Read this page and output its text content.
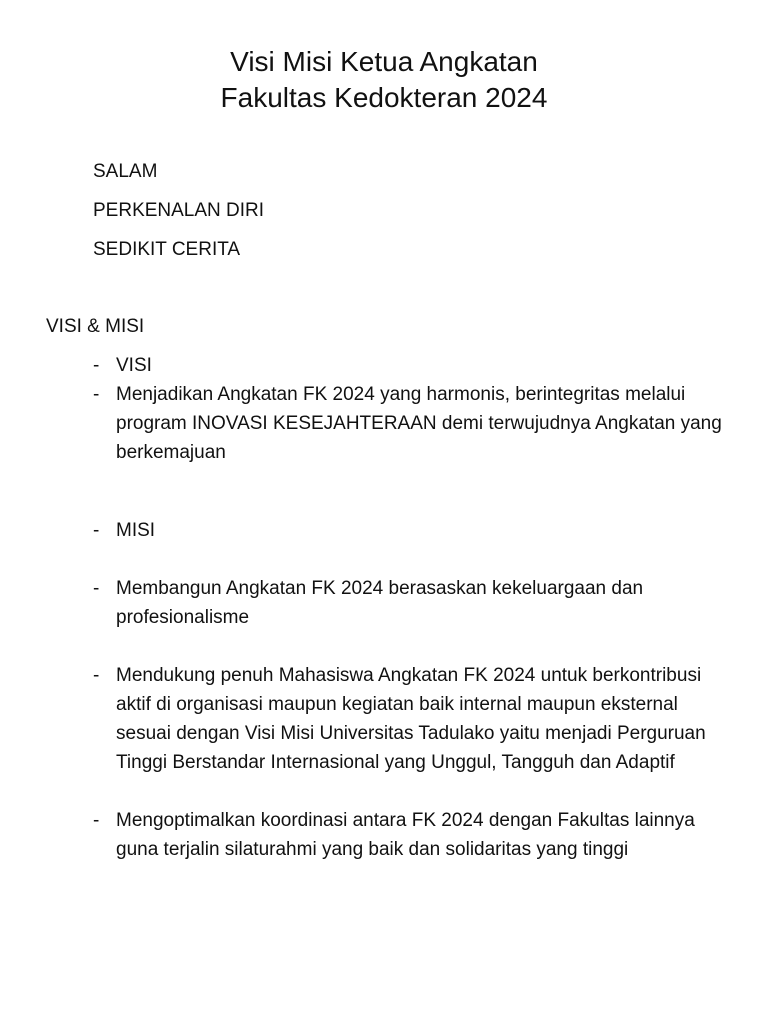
Visi Misi Ketua Angkatan
Fakultas Kedokteran 2024
SALAM
PERKENALAN DIRI
SEDIKIT CERITA
VISI & MISI
- VISI
- Menjadikan Angkatan FK 2024 yang harmonis, berintegritas melalui program INOVASI KESEJAHTERAAN demi terwujudnya Angkatan yang berkemajuan
- MISI
- Membangun Angkatan FK 2024 berasaskan kekeluargaan dan profesionalisme
- Mendukung penuh Mahasiswa Angkatan FK 2024 untuk berkontribusi aktif di organisasi maupun kegiatan baik internal maupun eksternal sesuai dengan Visi Misi Universitas Tadulako yaitu menjadi Perguruan Tinggi Berstandar Internasional yang Unggul, Tangguh dan Adaptif
- Mengoptimalkan koordinasi antara FK 2024 dengan Fakultas lainnya guna terjalin silaturahmi yang baik dan solidaritas yang tinggi
